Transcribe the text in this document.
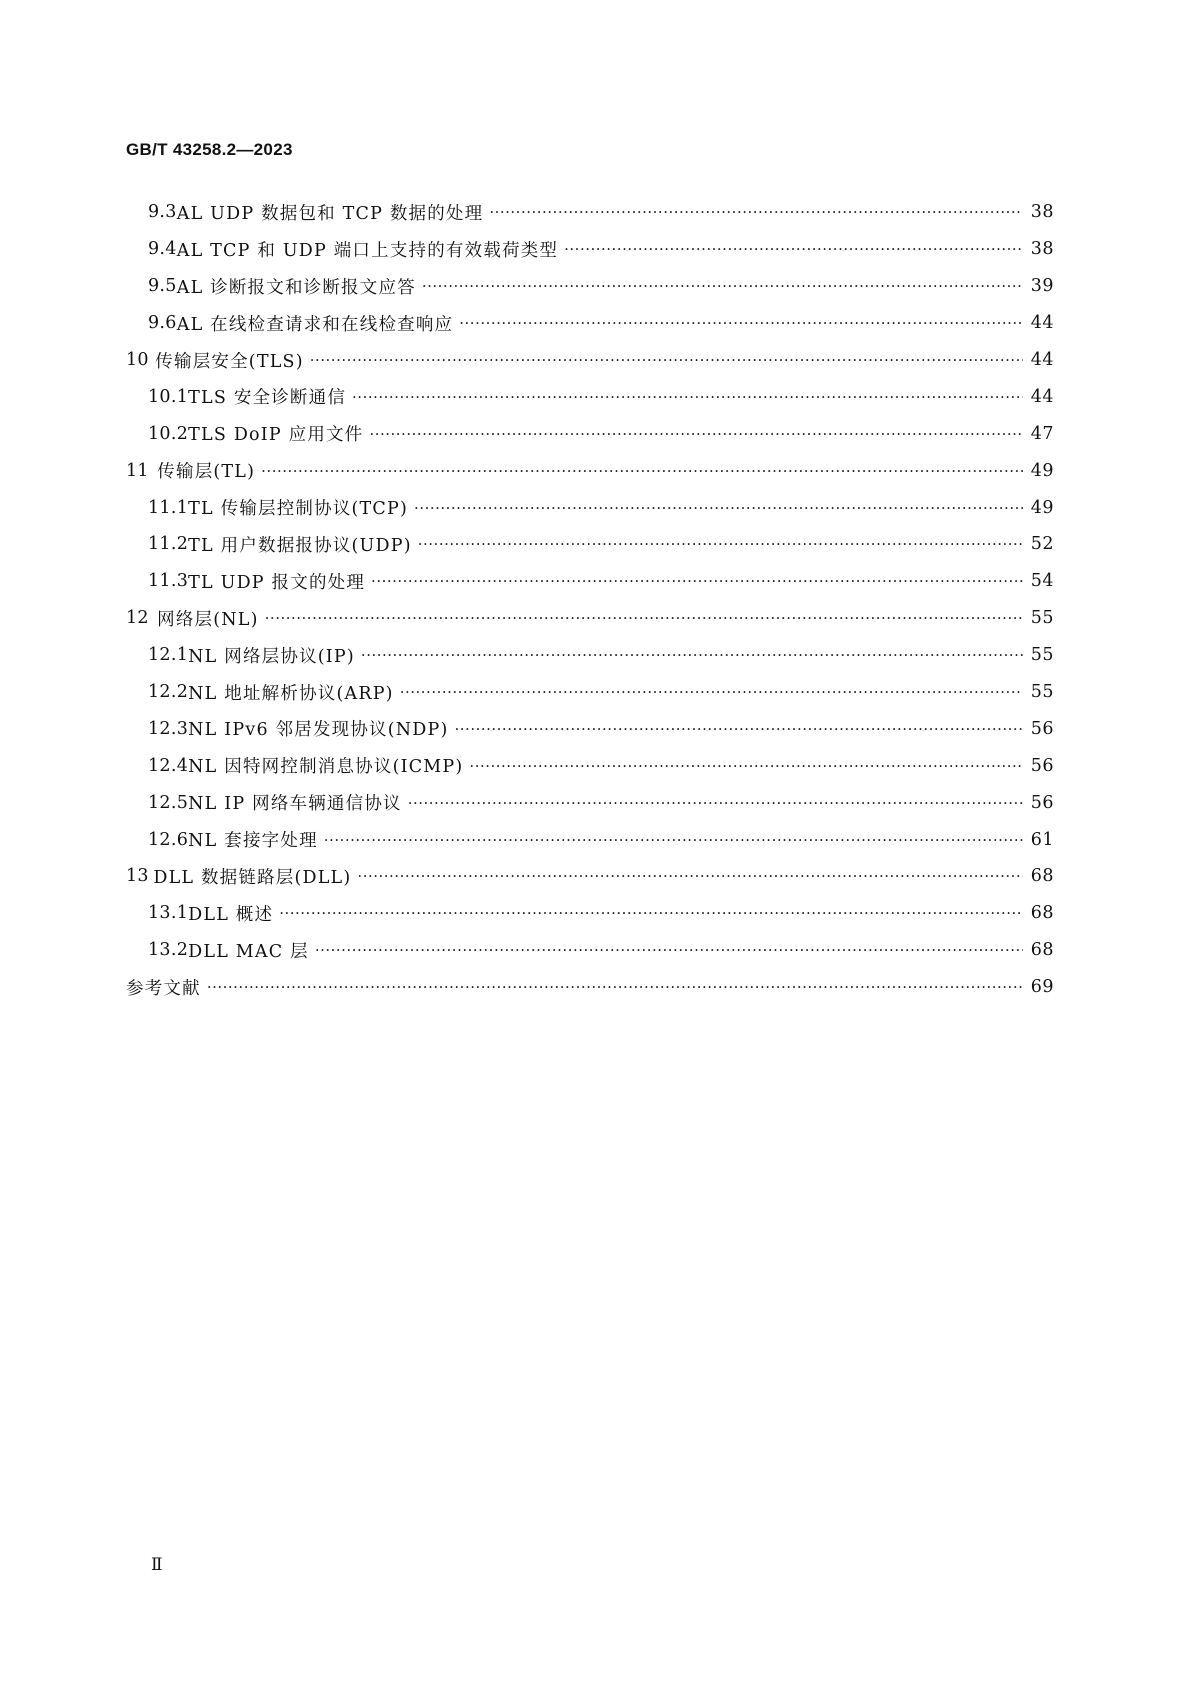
GB/T 43258.2—2023
9.3 AL UDP 数据包和 TCP 数据的处理 ·····	38
9.4 AL TCP 和 UDP 端口上支持的有效载荷类型 ·····	38
9.5 AL 诊断报文和诊断报文应答 ·····	39
9.6 AL 在线检查请求和在线检查响应 ·····	44
10 传输层安全(TLS) ·····	44
10.1 TLS 安全诊断通信 ·····	44
10.2 TLS DoIP 应用文件 ·····	47
11 传输层(TL) ·····	49
11.1 TL 传输层控制协议(TCP) ·····	49
11.2 TL 用户数据报协议(UDP) ·····	52
11.3 TL UDP 报文的处理 ·····	54
12 网络层(NL) ·····	55
12.1 NL 网络层协议(IP) ·····	55
12.2 NL 地址解析协议(ARP) ·····	55
12.3 NL IPv6 邻居发现协议(NDP) ·····	56
12.4 NL 因特网控制消息协议(ICMP) ·····	56
12.5 NL IP 网络车辆通信协议 ·····	56
12.6 NL 套接字处理 ·····	61
13 DLL 数据链路层(DLL) ·····	68
13.1 DLL 概述 ·····	68
13.2 DLL MAC 层 ·····	68
参考文献 ·····	69
Ⅱ
